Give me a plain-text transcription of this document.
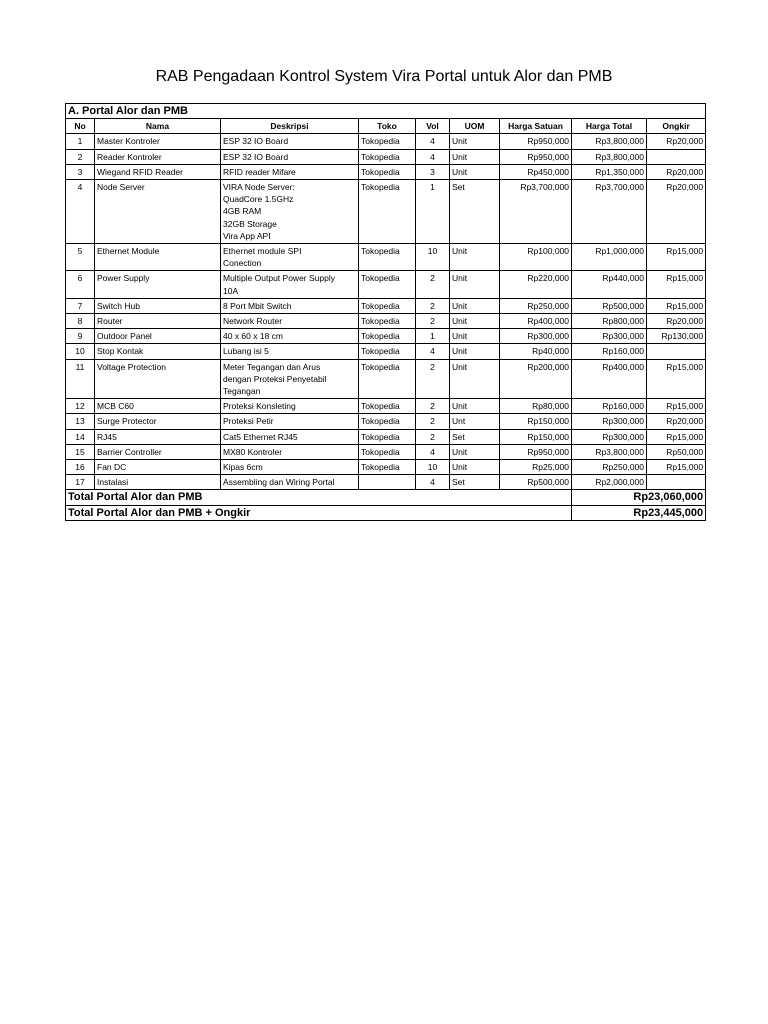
RAB Pengadaan Kontrol System Vira Portal untuk Alor dan PMB
A. Portal Alor dan PMB								
No	Nama	Deskripsi	Toko	Vol	UOM	Harga Satuan	Harga Total	Ongkir
1	Master Kontroler	ESP 32 IO Board	Tokopedia	4	Unit	Rp950,000	Rp3,800,000	Rp20,000
2	Reader Kontroler	ESP 32 IO Board	Tokopedia	4	Unit	Rp950,000	Rp3,800,000	
3	Wiegand RFID Reader	RFID reader Mifare	Tokopedia	3	Unit	Rp450,000	Rp1,350,000	Rp20,000
4	Node Server	VIRA Node Server:
QuadCore 1.5GHz
4GB RAM
32GB Storage
Vira App API	Tokopedia	1	Set	Rp3,700,000	Rp3,700,000	Rp20,000
5	Ethernet Module	Ethernet module SPI
Conection	Tokopedia	10	Unit	Rp100,000	Rp1,000,000	Rp15,000
6	Power Supply	Multiple Output Power Supply
10A	Tokopedia	2	Unit	Rp220,000	Rp440,000	Rp15,000
7	Switch Hub	8 Port Mbit Switch	Tokopedia	2	Unit	Rp250,000	Rp500,000	Rp15,000
8	Router	Network Router	Tokopedia	2	Unit	Rp400,000	Rp800,000	Rp20,000
9	Outdoor Panel	40 x 60 x 18 cm	Tokopedia	1	Unit	Rp300,000	Rp300,000	Rp130,000
10	Stop Kontak	Lubang isi 5	Tokopedia	4	Unit	Rp40,000	Rp160,000	
11	Voltage Protection	Meter Tegangan dan Arus
dengan Proteksi Penyetabil
Tegangan	Tokopedia	2	Unit	Rp200,000	Rp400,000	Rp15,000
12	MCB C60	Proteksi Konsleting	Tokopedia	2	Unit	Rp80,000	Rp160,000	Rp15,000
13	Surge Protector	Proteksi Petir	Tokopedia	2	Unt	Rp150,000	Rp300,000	Rp20,000
14	RJ45	Cat5 Ethernet RJ45	Tokopedia	2	Set	Rp150,000	Rp300,000	Rp15,000
15	Barrier Controller	MX80 Kontroler	Tokopedia	4	Unit	Rp950,000	Rp3,800,000	Rp50,000
16	Fan DC	Kipas 6cm	Tokopedia	10	Unit	Rp25,000	Rp250,000	Rp15,000
17	Instalasi	Assembling dan Wiring Portal		4	Set	Rp500,000	Rp2,000,000	
Total Portal Alor dan PMB							Rp23,060,000	
Total Portal Alor dan PMB + Ongkir							Rp23,445,000	
